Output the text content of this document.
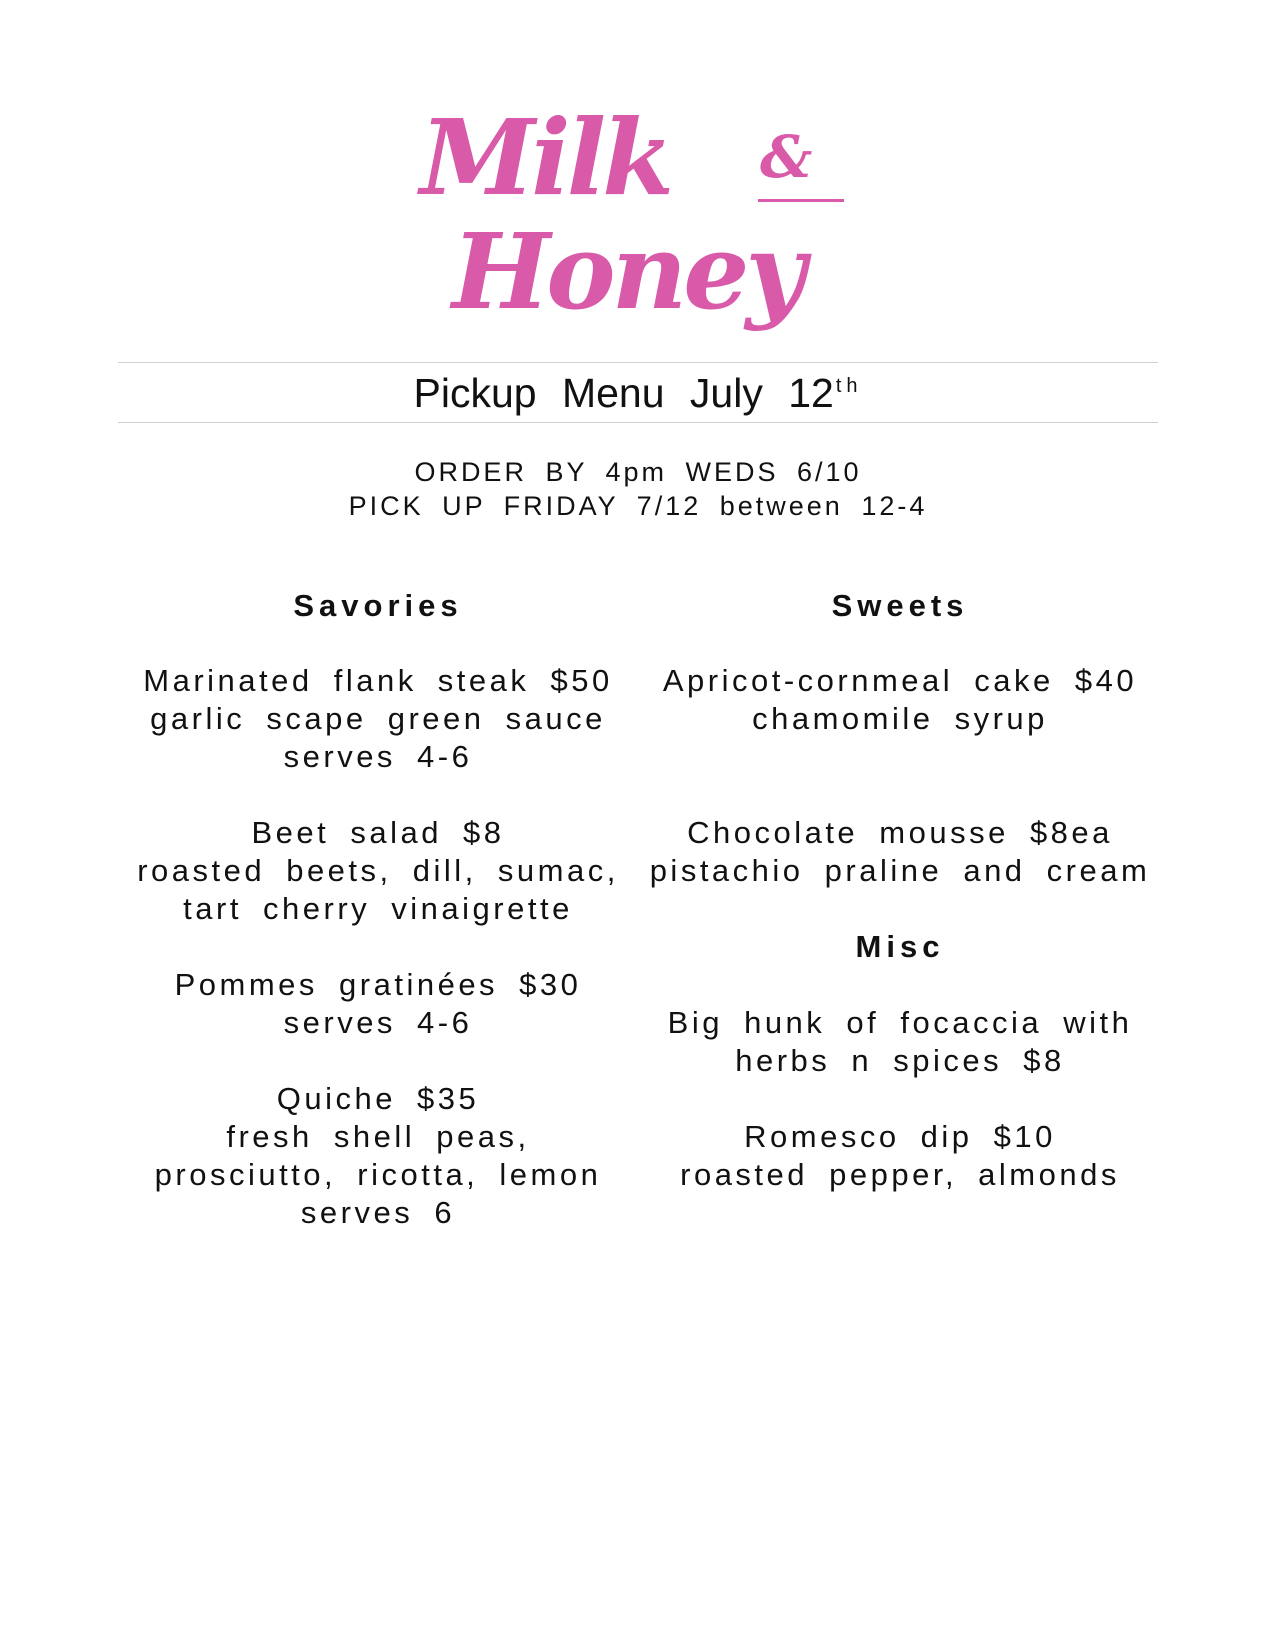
Milk &
Honey
Pickup Menu July 12 $^{th}$
ORDER BY 4pm WEDS 6/10
PICK UP FRIDAY 7/12 between 12-4
Savories
Marinated flank steak $50
garlic scape green sauce
serves 4-6
Beet salad $8
roasted beets, dill, sumac,
tart cherry vinaigrette
Pommes gratinées $30
serves 4-6
Quiche $35
fresh shell peas,
prosciutto, ricotta, lemon
serves 6
Sweets
Apricot-cornmeal cake $40
chamomile syrup
Chocolate mousse $8ea
pistachio praline and cream
Misc
Big hunk of focaccia with
herbs n spices $8
Romesco dip $10
roasted pepper, almonds
